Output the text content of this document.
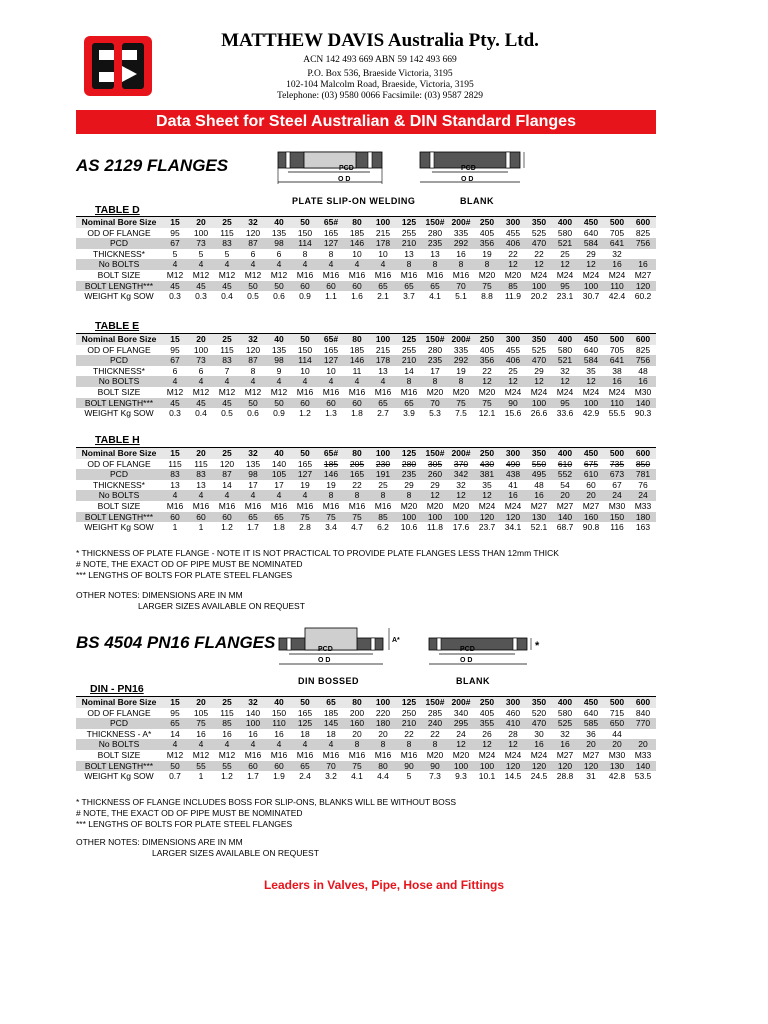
MATTHEW DAVIS Australia Pty. Ltd.
ACN 142 493 669 ABN 59 142 493 669
P.O. Box 536, Braeside Victoria, 3195
102-104 Malcolm Road, Braeside, Victoria, 3195
Telephone: (03) 9580 0066 Facsimile: (03) 9587 2829
Data Sheet for Steel Australian & DIN Standard Flanges
AS 2129 FLANGES	PCD
O D
PCD
O D
PLATE SLIP-ON WELDING	BLANK
TABLE D
Nominal Bore Size	15	20	25	32	40	50	65#	80	100	125	150#	200#	250	300	350	400	450	500	600
OD OF FLANGE	95	100	115	120	135	150	165	185	215	255	280	335	405	455	525	580	640	705	825
PCD	67	73	83	87	98	114	127	146	178	210	235	292	356	406	470	521	584	641	756
THICKNESS*	5	5	5	6	6	8	8	10	10	13	13	16	19	22	22	25	29	32	
No BOLTS	4	4	4	4	4	4	4	4	4	8	8	8	8	12	12	12	12	16	16
BOLT SIZE	M12	M12	M12	M12	M12	M16	M16	M16	M16	M16	M16	M16	M20	M20	M24	M24	M24	M24	M27
BOLT LENGTH***	45	45	45	50	50	60	60	60	65	65	65	70	75	85	100	95	100	110	120
WEIGHT Kg SOW	0.3	0.3	0.4	0.5	0.6	0.9	1.1	1.6	2.1	3.7	4.1	5.1	8.8	11.9	20.2	23.1	30.7	42.4	60.2
TABLE E
Nominal Bore Size	15	20	25	32	40	50	65#	80	100	125	150#	200#	250	300	350	400	450	500	600
OD OF FLANGE	95	100	115	120	135	150	165	185	215	255	280	335	405	455	525	580	640	705	825
PCD	67	73	83	87	98	114	127	146	178	210	235	292	356	406	470	521	584	641	756
THICKNESS*	6	6	7	8	9	10	10	11	13	14	17	19	22	25	29	32	35	38	48
No BOLTS	4	4	4	4	4	4	4	4	4	8	8	8	12	12	12	12	12	16	16
BOLT SIZE	M12	M12	M12	M12	M12	M16	M16	M16	M16	M16	M20	M20	M20	M24	M24	M24	M24	M24	M30
BOLT LENGTH***	45	45	45	50	50	60	60	60	65	65	70	75	75	90	100	95	100	110	140
WEIGHT Kg SOW	0.3	0.4	0.5	0.6	0.9	1.2	1.3	1.8	2.7	3.9	5.3	7.5	12.1	15.6	26.6	33.6	42.9	55.5	90.3
TABLE H
Nominal Bore Size	15	20	25	32	40	50	65#	80	100	125	150#	200#	250	300	350	400	450	500	600
OD OF FLANGE	115	115	120	135	140	165	185	205	230	280	305	370	430	490	550	610	675	735	850
PCD	83	83	87	98	105	127	146	165	191	235	260	342	381	438	495	552	610	673	781
THICKNESS*	13	13	14	17	17	19	19	22	25	29	29	32	35	41	48	54	60	67	76
No BOLTS	4	4	4	4	4	4	8	8	8	8	12	12	12	16	16	20	20	24	24
BOLT SIZE	M16	M16	M16	M16	M16	M16	M16	M16	M16	M20	M20	M20	M24	M24	M27	M27	M27	M30	M33
BOLT LENGTH***	60	60	60	65	65	75	75	75	85	100	100	100	120	120	130	140	160	150	180
WEIGHT Kg SOW	1	1	1.2	1.7	1.8	2.8	3.4	4.7	6.2	10.6	11.8	17.6	23.7	34.1	52.1	68.7	90.8	116	163
* THICKNESS OF PLATE FLANGE - NOTE IT IS NOT PRACTICAL TO PROVIDE PLATE FLANGES LESS THAN 12mm THICK
# NOTE, THE EXACT OD OF PIPE MUST BE NOMINATED
*** LENGTHS OF BOLTS FOR PLATE STEEL FLANGES
OTHER NOTES: DIMENSIONS ARE IN MM
LARGER SIZES AVAILABLE ON REQUEST
BS 4504 PN16 FLANGES	PCD
O D
A*
PCD
O D
*
DIN BOSSED	BLANK
DIN - PN16
Nominal Bore Size	15	20	25	32	40	50	65	80	100	125	150#	200#	250	300	350	400	450	500	600
OD OF FLANGE	95	105	115	140	150	165	185	200	220	250	285	340	405	460	520	580	640	715	840
PCD	65	75	85	100	110	125	145	160	180	210	240	295	355	410	470	525	585	650	770
THICKNESS - A*	14	16	16	16	16	18	18	20	20	22	22	24	26	28	30	32	36	44	
No BOLTS	4	4	4	4	4	4	4	8	8	8	8	12	12	12	16	16	20	20	20
BOLT SIZE	M12	M12	M12	M16	M16	M16	M16	M16	M16	M16	M20	M20	M24	M24	M24	M27	M27	M30	M33
BOLT LENGTH***	50	55	55	60	60	65	70	75	80	90	90	100	100	120	120	120	120	130	140
WEIGHT Kg SOW	0.7	1	1.2	1.7	1.9	2.4	3.2	4.1	4.4	5	7.3	9.3	10.1	14.5	24.5	28.8	31	42.8	53.5
* THICKNESS OF FLANGE INCLUDES BOSS FOR SLIP-ONS, BLANKS WILL BE WITHOUT BOSS
# NOTE, THE EXACT OD OF PIPE MUST BE NOMINATED
*** LENGTHS OF BOLTS FOR PLATE STEEL FLANGES
OTHER NOTES: DIMENSIONS ARE IN MM
LARGER SIZES AVAILABLE ON REQUEST
Leaders in Valves, Pipe, Hose and Fittings
